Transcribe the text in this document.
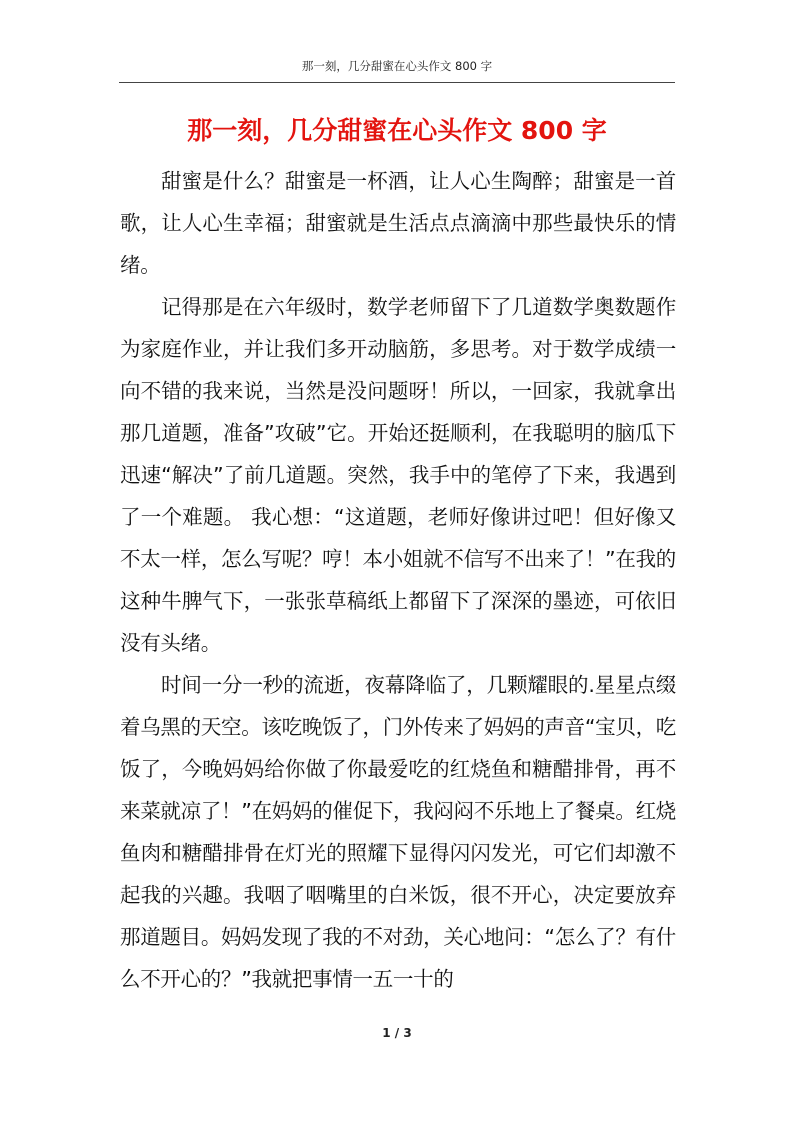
那一刻，几分甜蜜在心头作文 800 字
那一刻，几分甜蜜在心头作文 800 字

甜蜜是什么？甜蜜是一杯酒，让人心生陶醉；甜蜜是一首歌，让人心生幸福；甜蜜就是生活点点滴滴中那些最快乐的情绪。

记得那是在六年级时，数学老师留下了几道数学奥数题作为家庭作业，并让我们多开动脑筋，多思考。对于数学成绩一向不错的我来说，当然是没问题呀！所以，一回家，我就拿出那几道题，准备”攻破”它。开始还挺顺利，在我聪明的脑瓜下迅速“解决”了前几道题。突然，我手中的笔停了下来，我遇到了一个难题。 我心想：“这道题，老师好像讲过吧！但好像又不太一样，怎么写呢？哼！本小姐就不信写不出来了！”在我的这种牛脾气下，一张张草稿纸上都留下了深深的墨迹，可依旧没有头绪。

时间一分一秒的流逝，夜幕降临了，几颗耀眼的.星星点缀着乌黑的天空。该吃晚饭了，门外传来了妈妈的声音“宝贝，吃饭了，今晚妈妈给你做了你最爱吃的红烧鱼和糖醋排骨，再不来菜就凉了！”在妈妈的催促下，我闷闷不乐地上了餐桌。红烧鱼肉和糖醋排骨在灯光的照耀下显得闪闪发光，可它们却激不起我的兴趣。我咽了咽嘴里的白米饭，很不开心，决定要放弃那道题目。妈妈发现了我的不对劲，关心地问：“怎么了？有什么不开心的？”我就把事情一五一十的

1 / 3
